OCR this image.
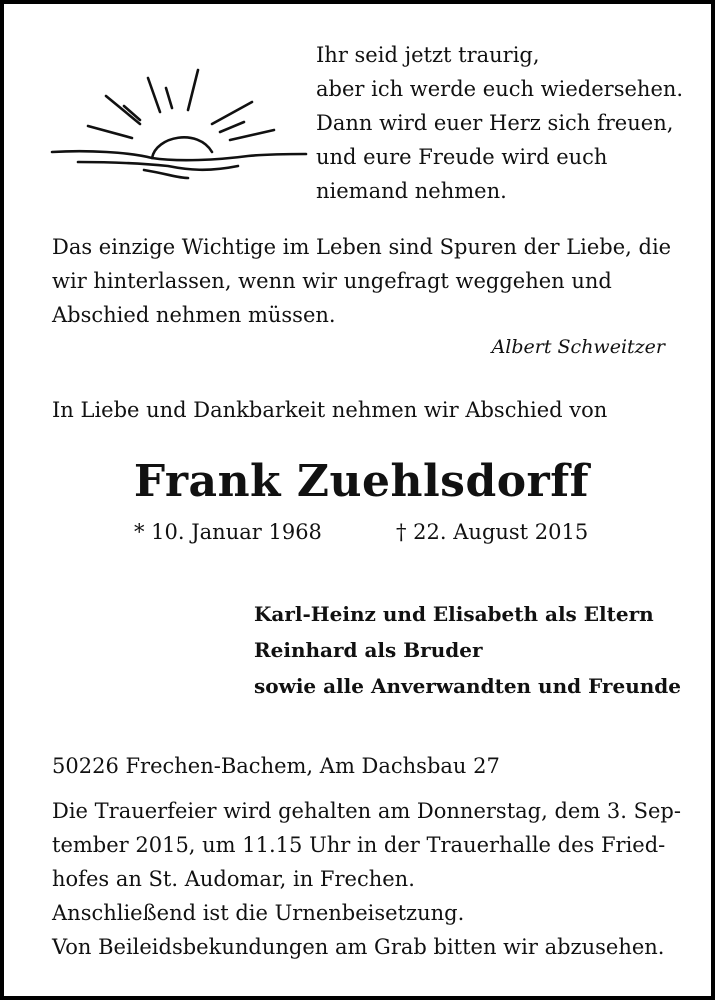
Ihr seid jetzt traurig,
aber ich werde euch wiedersehen.
Dann wird euer Herz sich freuen,
und eure Freude wird euch
niemand nehmen.
Das einzige Wichtige im Leben sind Spuren der Liebe, die
wir hinterlassen, wenn wir ungefragt weggehen und
Abschied nehmen müssen.
Albert Schweitzer
In Liebe und Dankbarkeit nehmen wir Abschied von
Frank Zuehlsdorff
* 10. Januar 1968	† 22. August 2015
Karl-Heinz und Elisabeth als Eltern
Reinhard als Bruder
sowie alle Anverwandten und Freunde
50226 Frechen-Bachem, Am Dachsbau 27
Die Trauerfeier wird gehalten am Donnerstag, dem 3. Sep-
tember 2015, um 11.15 Uhr in der Trauerhalle des Fried-
hofes an St. Audomar, in Frechen.
Anschließend ist die Urnenbeisetzung.
Von Beileidsbekundungen am Grab bitten wir abzusehen.
